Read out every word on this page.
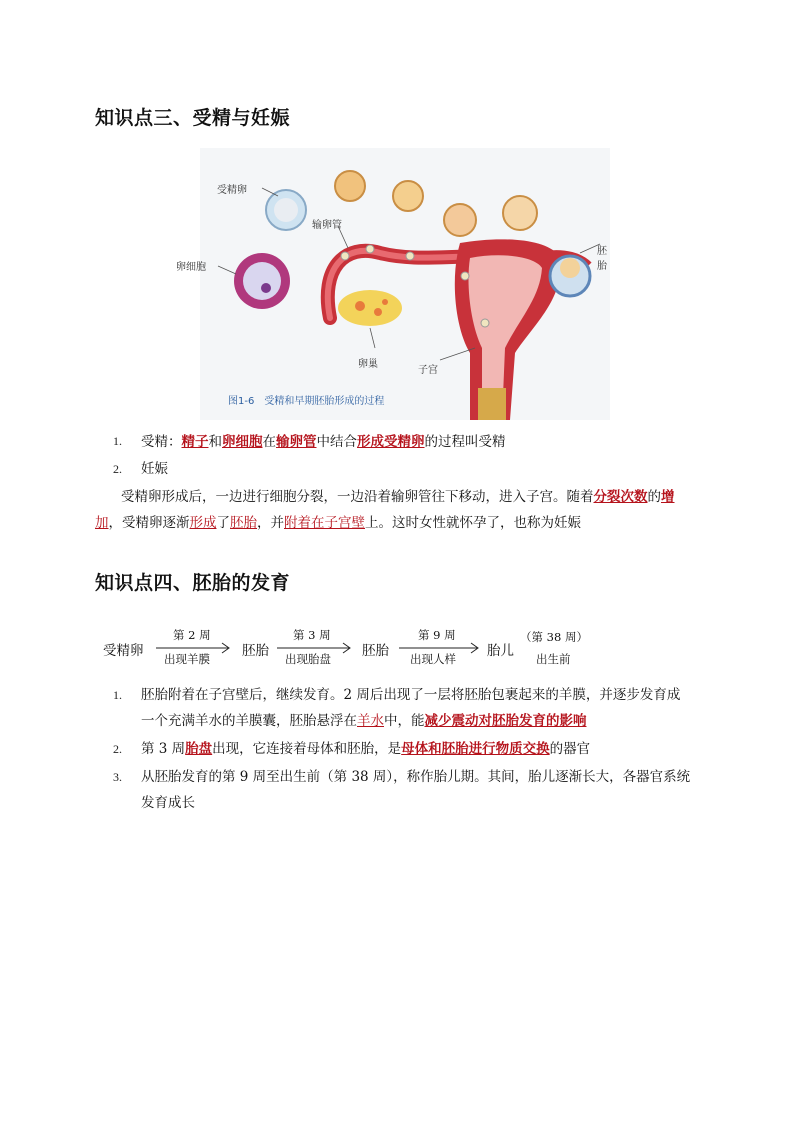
知识点三、受精与妊娠
受精卵
输卵管
卵细胞
卵巢
子宫
胚胎
图1-6　受精和早期胚胎形成的过程
1. 受精：精子和卵细胞在输卵管中结合形成受精卵的过程叫受精
2. 妊娠
受精卵形成后，一边进行细胞分裂，一边沿着输卵管往下移动，进入子宫。随着分裂次数的增
加，受精卵逐渐形成了胚胎，并附着在子宫壁上。这时女性就怀孕了，也称为妊娠
知识点四、胚胎的发育
受精卵
第 2 周
出现羊膜 胚胎
第 3 周
出现胎盘 胚胎
第 9 周
出现人样 胎儿
（第 38 周）
出生前
1. 胚胎附着在子宫壁后，继续发育。2 周后出现了一层将胚胎包裹起来的羊膜，并逐步发育成
一个充满羊水的羊膜囊，胚胎悬浮在羊水中，能减少震动对胚胎发育的影响
2. 第 3 周胎盘出现，它连接着母体和胚胎，是母体和胚胎进行物质交换的器官
3. 从胚胎发育的第 9 周至出生前（第 38 周），称作胎儿期。其间，胎儿逐渐长大，各器官系统
发育成长
